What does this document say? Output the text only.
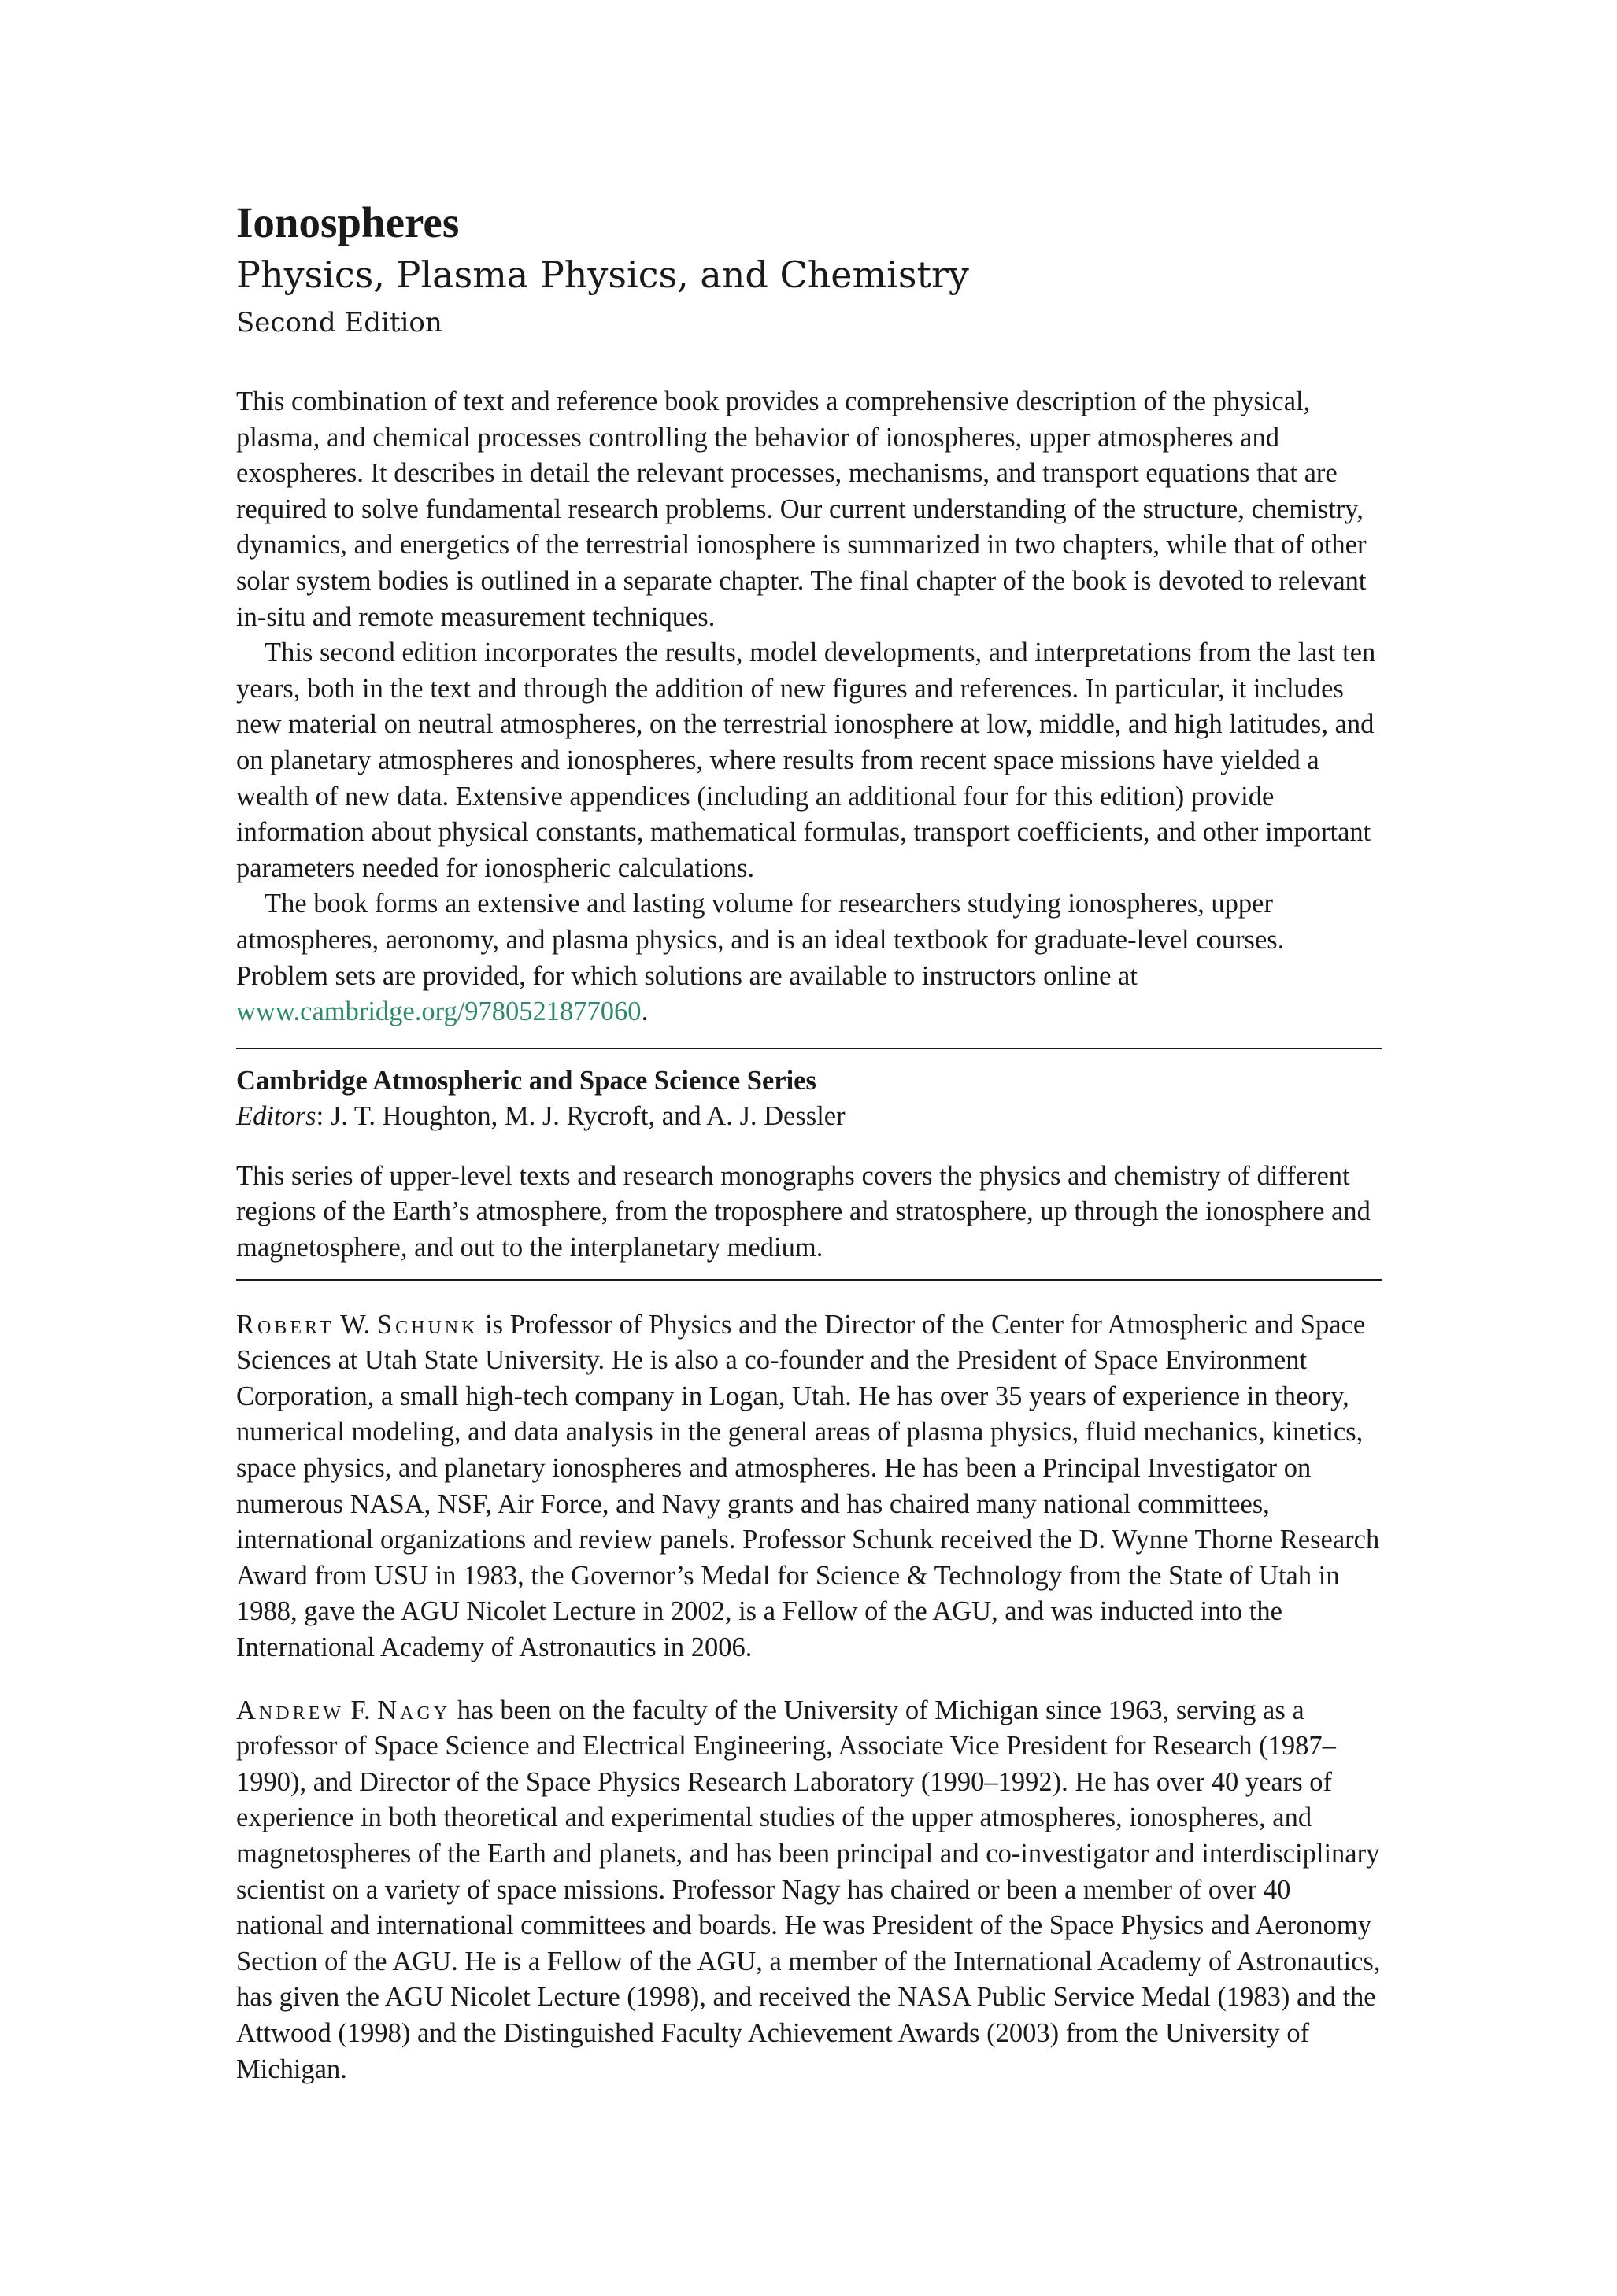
Ionospheres
Physics, Plasma Physics, and Chemistry

Second Edition

This combination of text and reference book provides a comprehensive description of the physical, plasma, and chemical processes controlling the behavior of ionospheres, upper atmospheres and exospheres. It describes in detail the relevant processes, mechanisms, and transport equations that are required to solve fundamental research problems. Our current understanding of the structure, chemistry, dynamics, and energetics of the terrestrial ionosphere is summarized in two chapters, while that of other solar system bodies is outlined in a separate chapter. The final chapter of the book is devoted to relevant in-situ and remote measurement techniques.

This second edition incorporates the results, model developments, and interpretations from the last ten years, both in the text and through the addition of new figures and references. In particular, it includes new material on neutral atmospheres, on the terrestrial ionosphere at low, middle, and high latitudes, and on planetary atmospheres and ionospheres, where results from recent space missions have yielded a wealth of new data. Extensive appendices (including an additional four for this edition) provide information about physical constants, mathematical formulas, transport coefficients, and other important parameters needed for ionospheric calculations.

The book forms an extensive and lasting volume for researchers studying ionospheres, upper atmospheres, aeronomy, and plasma physics, and is an ideal textbook for graduate-level courses. Problem sets are provided, for which solutions are available to instructors online at www.cambridge.org/9780521877060.

Cambridge Atmospheric and Space Science Series

Editors: J. T. Houghton, M. J. Rycroft, and A. J. Dessler

This series of upper-level texts and research monographs covers the physics and chemistry of different regions of the Earth’s atmosphere, from the troposphere and stratosphere, up through the ionosphere and magnetosphere, and out to the interplanetary medium.

Robert W. Schunk is Professor of Physics and the Director of the Center for Atmospheric and Space Sciences at Utah State University. He is also a co-founder and the President of Space Environment Corporation, a small high-tech company in Logan, Utah. He has over 35 years of experience in theory, numerical modeling, and data analysis in the general areas of plasma physics, fluid mechanics, kinetics, space physics, and planetary ionospheres and atmospheres. He has been a Principal Investigator on numerous NASA, NSF, Air Force, and Navy grants and has chaired many national committees, international organizations and review panels. Professor Schunk received the D. Wynne Thorne Research Award from USU in 1983, the Governor’s Medal for Science & Technology from the State of Utah in 1988, gave the AGU Nicolet Lecture in 2002, is a Fellow of the AGU, and was inducted into the International Academy of Astronautics in 2006.

Andrew F. Nagy has been on the faculty of the University of Michigan since 1963, serving as a professor of Space Science and Electrical Engineering, Associate Vice President for Research (1987–1990), and Director of the Space Physics Research Laboratory (1990–1992). He has over 40 years of experience in both theoretical and experimental studies of the upper atmospheres, ionospheres, and magnetospheres of the Earth and planets, and has been principal and co-investigator and interdisciplinary scientist on a variety of space missions. Professor Nagy has chaired or been a member of over 40 national and international committees and boards. He was President of the Space Physics and Aeronomy Section of the AGU. He is a Fellow of the AGU, a member of the International Academy of Astronautics, has given the AGU Nicolet Lecture (1998), and received the NASA Public Service Medal (1983) and the Attwood (1998) and the Distinguished Faculty Achievement Awards (2003) from the University of Michigan.
